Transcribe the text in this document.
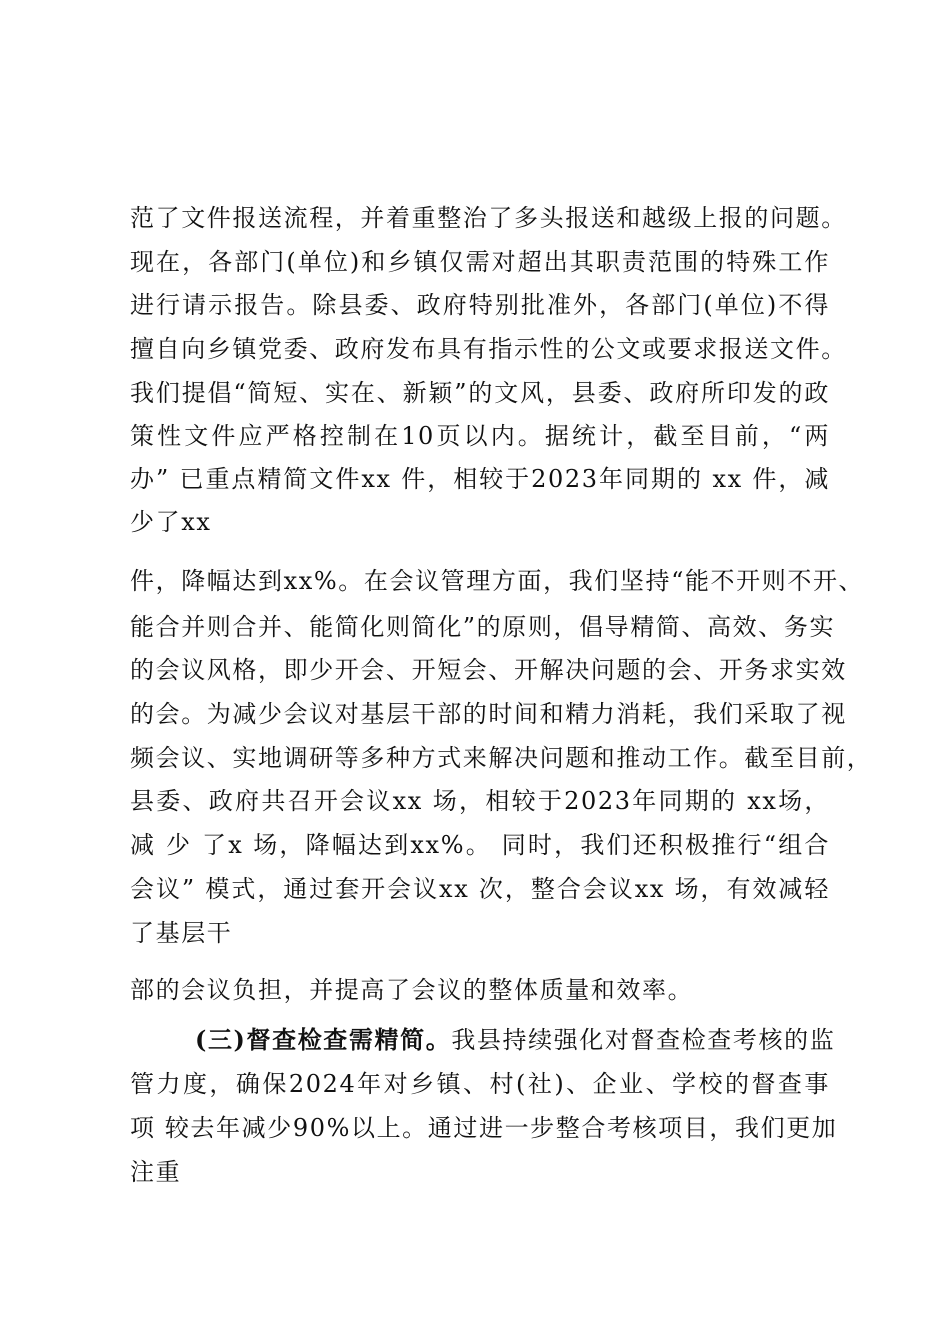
范了文件报送流程，并着重整治了多头报送和越级上报的问题。
现在，各部门(单位)和乡镇仅需对超出其职责范围的特殊工作
进行请示报告。除县委、政府特别批准外，各部门(单位)不得
擅自向乡镇党委、政府发布具有指示性的公文或要求报送文件。
我们提倡“简短、实在、新颖”的文风，县委、政府所印发的政
策性文件应严格控制在10页以内。据统计，截至目前，“两
办” 已重点精简文件xx 件，相较于2023年同期的 xx 件，减
少了xx
件，降幅达到xx%。在会议管理方面，我们坚持“能不开则不开、
能合并则合并、能简化则简化”的原则，倡导精简、高效、务实
的会议风格，即少开会、开短会、开解决问题的会、开务求实效
的会。为减少会议对基层干部的时间和精力消耗，我们采取了视
频会议、实地调研等多种方式来解决问题和推动工作。截至目前，
县委、政府共召开会议xx 场，相较于2023年同期的 xx场，
减 少 了x 场，降幅达到xx%。 同时，我们还积极推行“组合
会议” 模式，通过套开会议xx 次，整合会议xx 场，有效减轻
了基层干
部的会议负担，并提高了会议的整体质量和效率。
(三)督查检查需精简。我县持续强化对督查检查考核的监
管力度，确保2024年对乡镇、村(社)、企业、学校的督查事
项 较去年减少90%以上。通过进一步整合考核项目，我们更加
注重
